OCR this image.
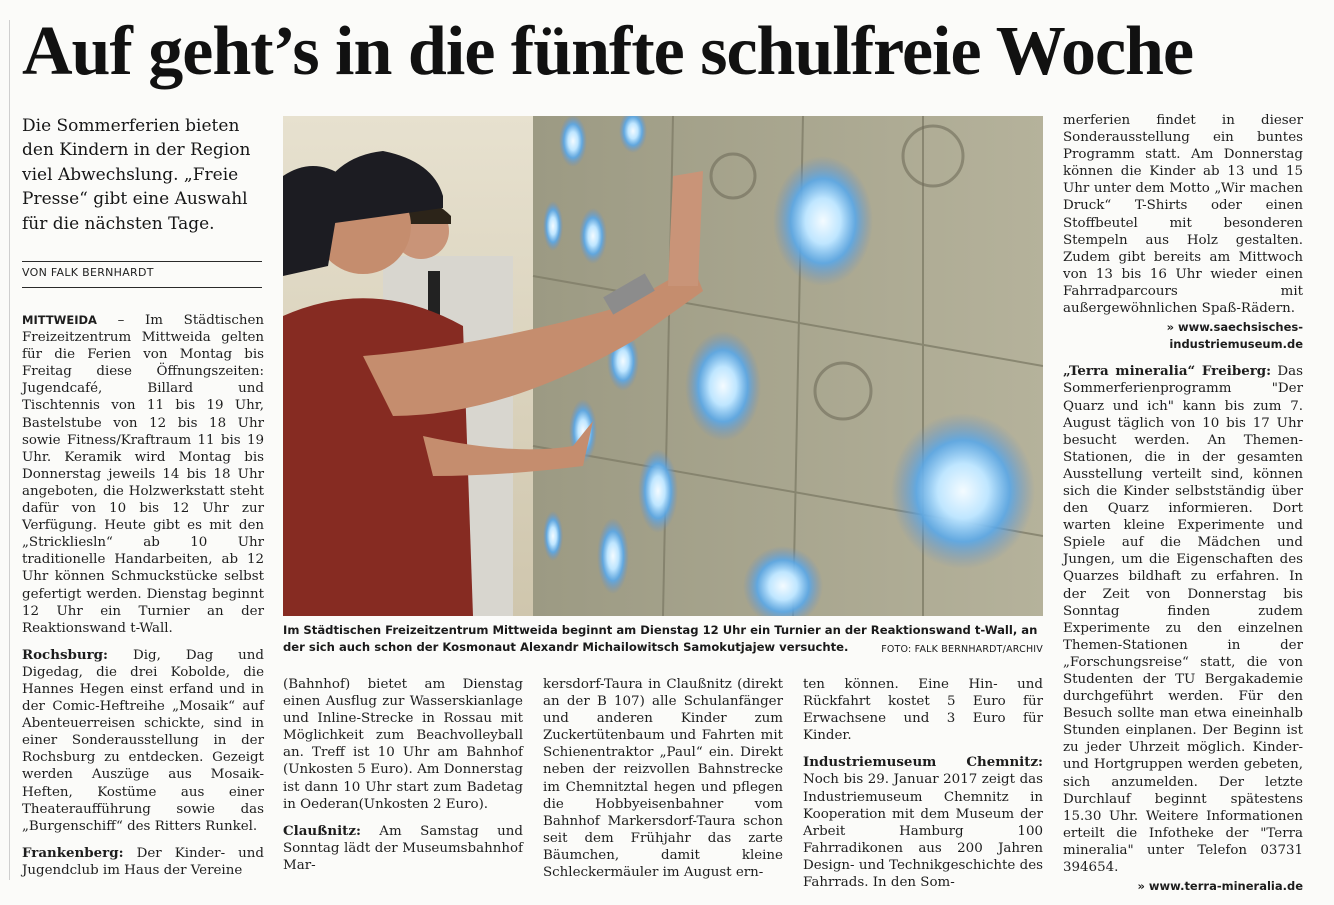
Auf geht’s in die fünfte schulfreie Woche
Die Sommerferien bieten den Kindern in der Region viel Abwechslung. „Freie Presse“ gibt eine Auswahl für die nächsten Tage.
VON FALK BERNHARDT

MITTWEIDA – Im Städtischen Freizeitzentrum Mittweida gelten für die Ferien von Montag bis Freitag diese Öffnungszeiten: Jugendcafé, Billard und Tischtennis von 11 bis 19 Uhr, Bastelstube von 12 bis 18 Uhr sowie Fitness/Kraftraum 11 bis 19 Uhr. Keramik wird Montag bis Donnerstag jeweils 14 bis 18 Uhr angeboten, die Holzwerkstatt steht dafür von 10 bis 12 Uhr zur Verfügung. Heute gibt es mit den „Strickliesln“ ab 10 Uhr traditionelle Handarbeiten, ab 12 Uhr können Schmuckstücke selbst gefertigt werden. Dienstag beginnt 12 Uhr ein Turnier an der Reaktionswand t-Wall.

Rochsburg: Dig, Dag und Digedag, die drei Kobolde, die Hannes Hegen einst erfand und in der Comic-Heftreihe „Mosaik“ auf Abenteuerreisen schickte, sind in einer Sonderausstellung in der Rochsburg zu entdecken. Gezeigt werden Auszüge aus Mosaik-Heften, Kostüme aus einer Theateraufführung sowie das „Burgenschiff“ des Ritters Runkel.

Frankenberg: Der Kinder- und Jugendclub im Haus der Vereine

Im Städtischen Freizeitzentrum Mittweida beginnt am Dienstag 12 Uhr ein Turnier an der Reaktionswand t-Wall, an der sich auch schon der Kosmonaut Alexandr Michailowitsch Samokutjajew versuchte.	FOTO: FALK BERNHARDT/ARCHIV

(Bahnhof) bietet am Dienstag einen Ausflug zur Wasserskianlage und Inline-Strecke in Rossau mit Möglichkeit zum Beachvolleyball an. Treff ist 10 Uhr am Bahnhof (Unkosten 5 Euro). Am Donnerstag ist dann 10 Uhr start zum Badetag in Oederan(Unkosten 2 Euro).

Claußnitz: Am Samstag und Sonntag lädt der Museumsbahnhof Mar-

kersdorf-Taura in Claußnitz (direkt an der B 107) alle Schulanfänger und anderen Kinder zum Zuckertütenbaum und Fahrten mit Schienentraktor „Paul“ ein. Direkt neben der reizvollen Bahnstrecke im Chemnitztal hegen und pflegen die Hobbyeisenbahner vom Bahnhof Markersdorf-Taura schon seit dem Frühjahr das zarte Bäumchen, damit kleine Schleckermäuler im August ern-

ten können. Eine Hin- und Rückfahrt kostet 5 Euro für Erwachsene und 3 Euro für Kinder.

Industriemuseum Chemnitz: Noch bis 29. Januar 2017 zeigt das Industriemuseum Chemnitz in Kooperation mit dem Museum der Arbeit Hamburg 100 Fahrradikonen aus 200 Jahren Design- und Technikgeschichte des Fahrrads. In den Som-

merferien findet in dieser Sonderausstellung ein buntes Programm statt. Am Donnerstag können die Kinder ab 13 und 15 Uhr unter dem Motto „Wir machen Druck“ T-Shirts oder einen Stoffbeutel mit besonderen Stempeln aus Holz gestalten. Zudem gibt bereits am Mittwoch von 13 bis 16 Uhr wieder einen Fahrradparcours mit außergewöhnlichen Spaß-Rädern.

» www.saechsisches-industriemuseum.de

„Terra mineralia“ Freiberg: Das Sommerferienprogramm "Der Quarz und ich" kann bis zum 7. August täglich von 10 bis 17 Uhr besucht werden. An Themen-Stationen, die in der gesamten Ausstellung verteilt sind, können sich die Kinder selbstständig über den Quarz informieren. Dort warten kleine Experimente und Spiele auf die Mädchen und Jungen, um die Eigenschaften des Quarzes bildhaft zu erfahren. In der Zeit von Donnerstag bis Sonntag finden zudem Experimente zu den einzelnen Themen-Stationen in der „Forschungsreise“ statt, die von Studenten der TU Bergakademie durchgeführt werden. Für den Besuch sollte man etwa eineinhalb Stunden einplanen. Der Beginn ist zu jeder Uhrzeit möglich. Kinder- und Hortgruppen werden gebeten, sich anzumelden. Der letzte Durchlauf beginnt spätestens 15.30 Uhr. Weitere Informationen erteilt die Infotheke der "Terra mineralia" unter Telefon 03731 394654.

» www.terra-mineralia.de
